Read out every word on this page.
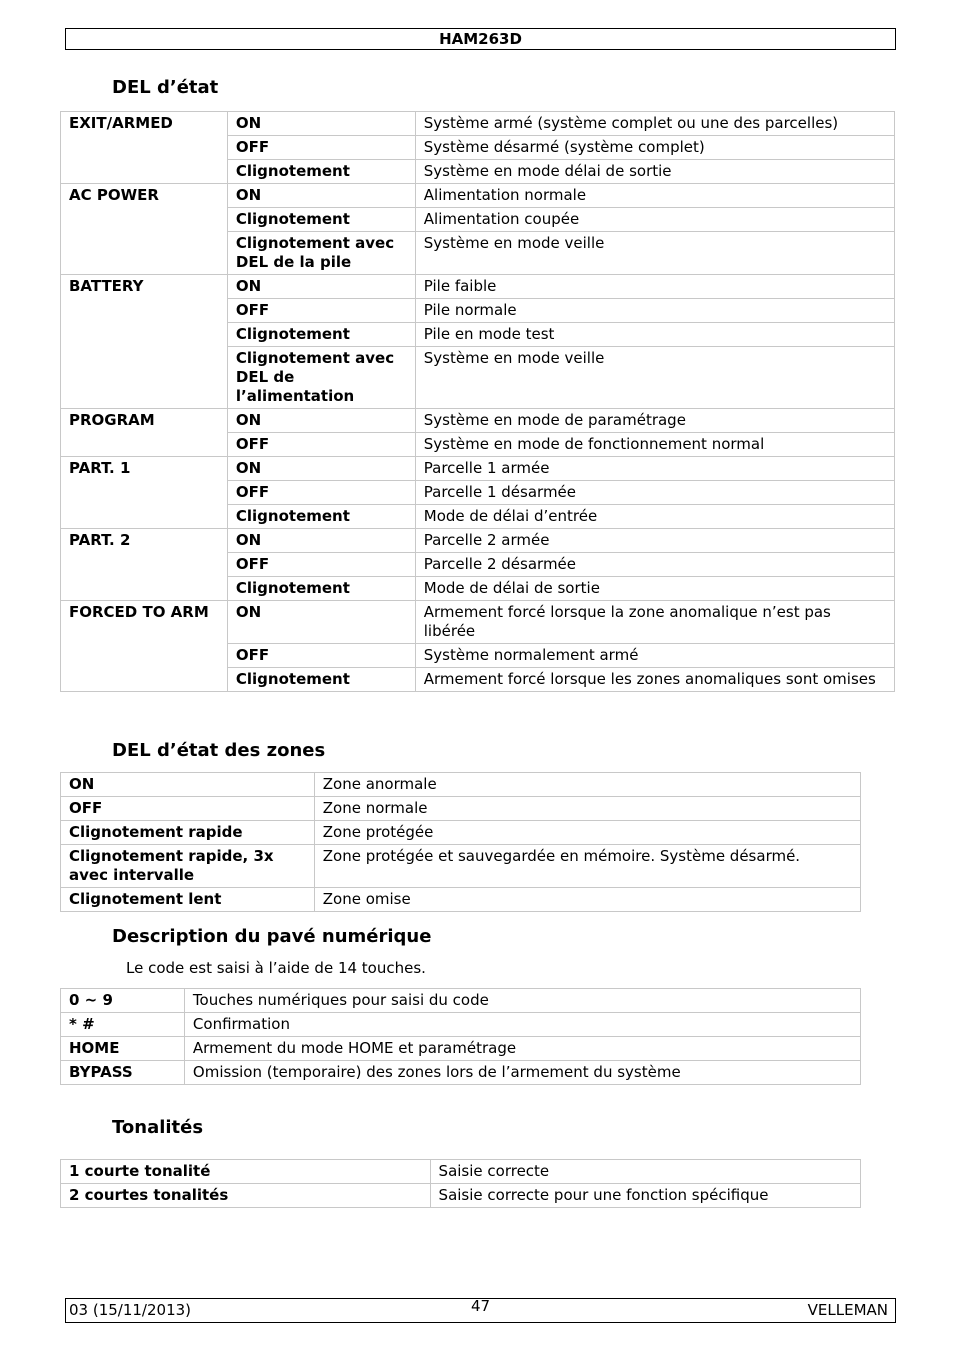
HAM263D
DEL d’état
EXIT/ARMED	ON	Système armé (système complet ou une des parcelles)
	OFF	Système désarmé (système complet)
	Clignotement	Système en mode délai de sortie
AC POWER	ON	Alimentation normale
	Clignotement	Alimentation coupée
	Clignotement avec DEL de la pile	Système en mode veille
BATTERY	ON	Pile faible
	OFF	Pile normale
	Clignotement	Pile en mode test
	Clignotement avec DEL de l’alimentation	Système en mode veille
PROGRAM	ON	Système en mode de paramétrage
	OFF	Système en mode de fonctionnement normal
PART. 1	ON	Parcelle 1 armée
	OFF	Parcelle 1 désarmée
	Clignotement	Mode de délai d’entrée
PART. 2	ON	Parcelle 2 armée
	OFF	Parcelle 2 désarmée
	Clignotement	Mode de délai de sortie
FORCED TO ARM	ON	Armement forcé lorsque la zone anomalique n’est pas libérée
	OFF	Système normalement armé
	Clignotement	Armement forcé lorsque les zones anomaliques sont omises
DEL d’état des zones
ON	Zone anormale
OFF	Zone normale
Clignotement rapide	Zone protégée
Clignotement rapide, 3x avec intervalle	Zone protégée et sauvegardée en mémoire. Système désarmé.
Clignotement lent	Zone omise
Description du pavé numérique
Le code est saisi à l’aide de 14 touches.
0 ~ 9	Touches numériques pour saisi du code
* #	Confirmation
HOME	Armement du mode HOME et paramétrage
BYPASS	Omission (temporaire) des zones lors de l’armement du système
Tonalités
1 courte tonalité	Saisie correcte
2 courtes tonalités	Saisie correcte pour une fonction spécifique
03 (15/11/2013)	47	VELLEMAN
